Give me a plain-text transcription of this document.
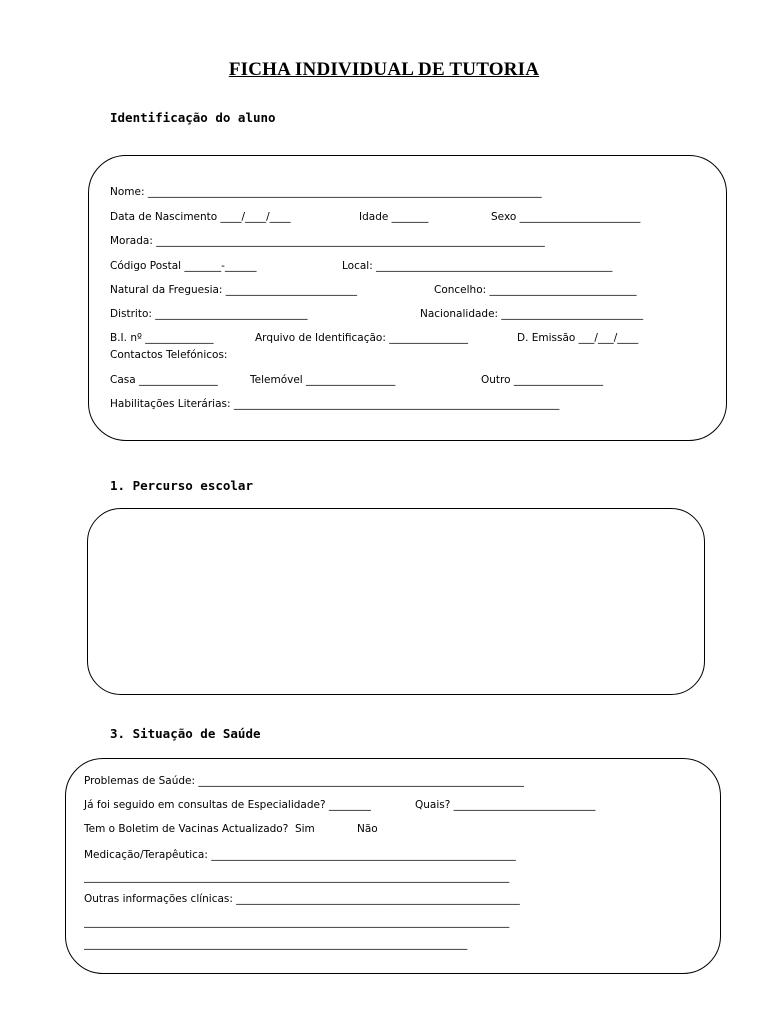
FICHA INDIVIDUAL DE TUTORIA
Identificação do aluno
Nome: ___________________________________________________________________________
Data de Nascimento ____/____/____	Idade _______	Sexo _______________________
Morada: __________________________________________________________________________
Código Postal _______-______	Local: _____________________________________________
Natural da Freguesia: _________________________	Concelho: ____________________________
Distrito: _____________________________	Nacionalidade: ___________________________
B.I. nº _____________	Arquivo de Identificação: _______________	D. Emissão ___/___/____
Contactos Telefónicos:
Casa _______________	Telemóvel _________________	Outro _________________
Habilitações Literárias: ______________________________________________________________
1. Percurso escolar
3. Situação de Saúde
Problemas de Saúde: ______________________________________________________________
Já foi seguido em consultas de Especialidade? ________	Quais? ___________________________
Tem o Boletim de Vacinas Actualizado?  Sim	Não
Medicação/Terapêutica: __________________________________________________________
_________________________________________________________________________________
Outras informações clínicas: ______________________________________________________
_________________________________________________________________________________
_________________________________________________________________________
